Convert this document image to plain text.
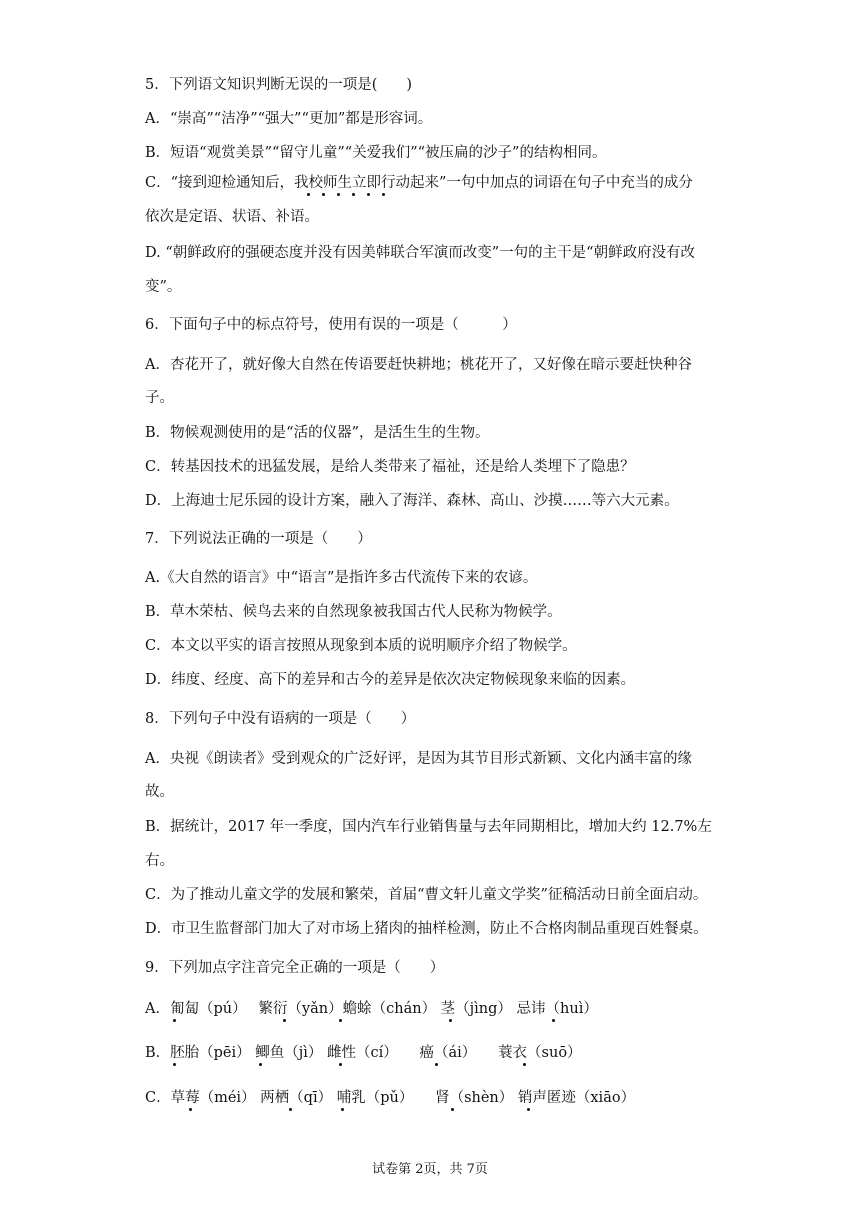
5．下列语文知识判断无误的一项是(　　)
A．“崇高”“洁净”“强大”“更加”都是形容词。
B．短语“观赏美景”“留守儿童”“关爱我们”“被压扁的沙子”的结构相同。
C．“接到迎检通知后，我校师生立即行动起来”一句中加点的词语在句子中充当的成分
依次是定语、状语、补语。
D. “朝鲜政府的强硬态度并没有因美韩联合军演而改变”一句的主干是“朝鲜政府没有改
变”。
6．下面句子中的标点符号，使用有误的一项是（　　　）
A．杏花开了，就好像大自然在传语要赶快耕地；桃花开了，又好像在暗示要赶快种谷
子。
B．物候观测使用的是“活的仪器”，是活生生的生物。
C．转基因技术的迅猛发展，是给人类带来了福祉，还是给人类埋下了隐患？
D．上海迪士尼乐园的设计方案，融入了海洋、森林、高山、沙摸……等六大元素。
7．下列说法正确的一项是（　　）
A.《大自然的语言》中“语言”是指许多古代流传下来的农谚。
B．草木荣枯、候鸟去来的自然现象被我国古代人民称为物候学。
C．本文以平实的语言按照从现象到本质的说明顺序介绍了物候学。
D．纬度、经度、高下的差异和古今的差异是依次决定物候现象来临的因素。
8．下列句子中没有语病的一项是（　　）
A．央视《朗读者》受到观众的广泛好评，是因为其节目形式新颖、文化内涵丰富的缘
故。
B．据统计，2017 年一季度，国内汽车行业销售量与去年同期相比，增加大约 12.7%左
右。
C．为了推动儿童文学的发展和繁荣，首届“曹文轩儿童文学奖”征稿活动日前全面启动。
D．市卫生监督部门加大了对市场上猪肉的抽样检测，防止不合格肉制品重现百姓餐桌。
9．下列加点字注音完全正确的一项是（　　）
A．匍匐（pú）　 繁衍（yǎn）蟾蜍（chán） 茎（jìng） 忌讳（huì）
B．胚胎（pēi） 鲫鱼（jì） 雌性（cí）　　癌（ái）　　蓑衣（suō）
C．草莓（méi） 两栖（qī） 哺乳（pǔ）　　肾（shèn） 销声匿迹（xiāo）
试卷第 2页，共 7页
